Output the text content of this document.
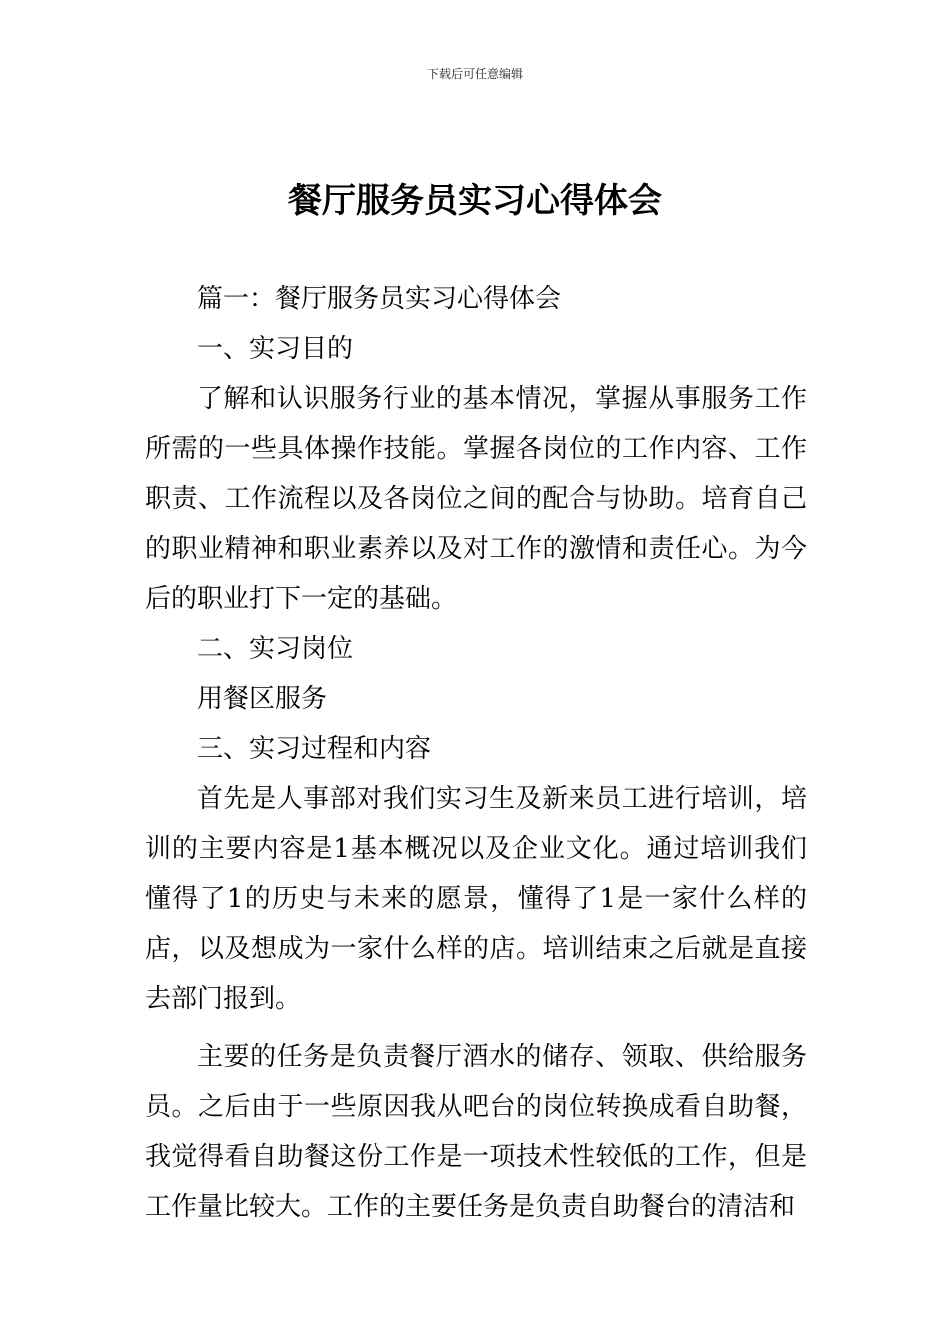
下载后可任意编辑
餐厅服务员实习心得体会

篇一：餐厅服务员实习心得体会

一、实习目的

了解和认识服务行业的基本情况，掌握从事服务工作所需的一些具体操作技能。掌握各岗位的工作内容、工作职责、工作流程以及各岗位之间的配合与协助。培育自己的职业精神和职业素养以及对工作的激情和责任心。为今后的职业打下一定的基础。

二、实习岗位

用餐区服务

三、实习过程和内容

首先是人事部对我们实习生及新来员工进行培训，培训的主要内容是1基本概况以及企业文化。通过培训我们懂得了1的历史与未来的愿景，懂得了1是一家什么样的店，以及想成为一家什么样的店。培训结束之后就是直接去部门报到。

主要的任务是负责餐厅酒水的储存、领取、供给服务员。之后由于一些原因我从吧台的岗位转换成看自助餐，我觉得看自助餐这份工作是一项技术性较低的工作，但是工作量比较大。工作的主要任务是负责自助餐台的清洁和
